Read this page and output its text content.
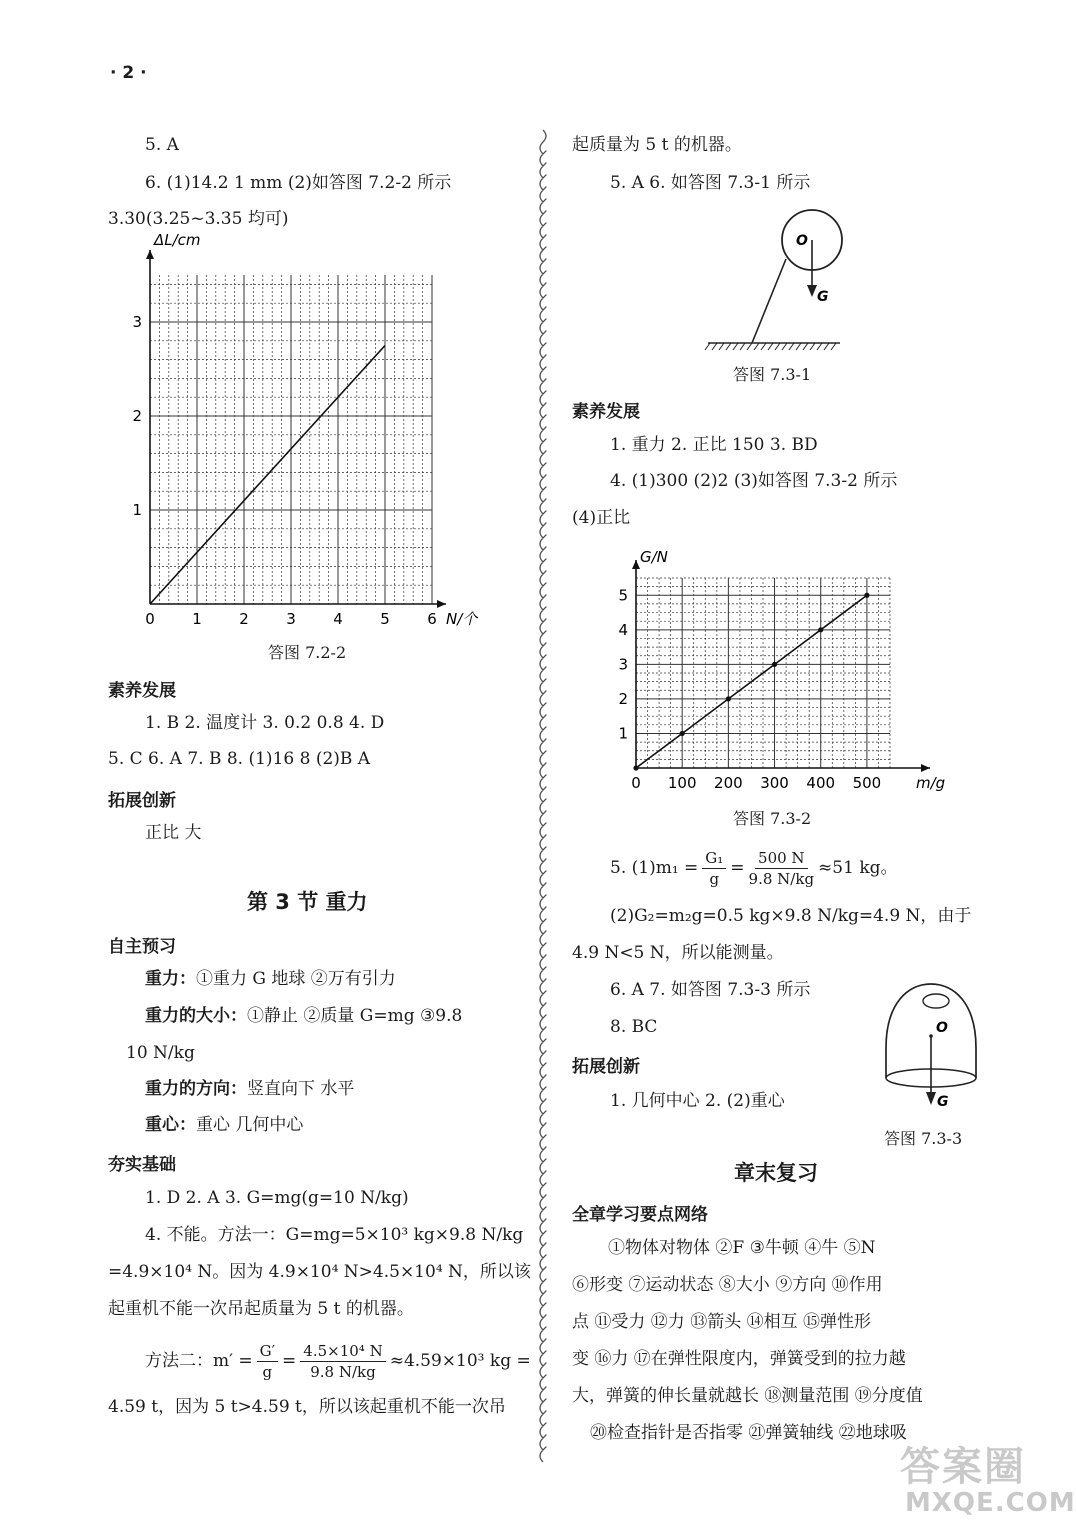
· 2 ·
5. A
6. (1)14.2 1 mm (2)如答图 7.2-2 所示
3.30(3.25~3.35 均可)
0 1 2 3 4 5 6
1
2
3
N/个
ΔL/cm
答图 7.2-2
素养发展
1. B 2. 温度计 3. 0.2 0.8 4. D
5. C 6. A 7. B 8. (1)16 8 (2)B A
拓展创新
正比 大
第 3 节 重力
自主预习
重力：①重力 G 地球 ②万有引力
重力的大小：①静止 ②质量 G=mg ③9.8
10 N/kg
重力的方向：竖直向下 水平
重心：重心 几何中心
夯实基础
1. D 2. A 3. G=mg(g=10 N/kg)
4. 不能。方法一：G=mg=5×10³ kg×9.8 N/kg
=4.9×10⁴ N。因为 4.9×10⁴ N>4.5×10⁴ N，所以该
起重机不能一次吊起质量为 5 t 的机器。
方法二：$m' = \frac{G'}{g} = \frac{\text{4.5×10⁴ N}}{9.8 N/kg} \approx 4.59\times 10^3$ kg =
4.59 t，因为 5 t>4.59 t，所以该起重机不能一次吊
起质量为 5 t 的机器。
5. A 6. 如答图 7.3-1 所示
O
G
答图 7.3-1
素养发展
1. 重力 2. 正比 150 3. BD
4. (1)300 (2)2 (3)如答图 7.3-2 所示
(4)正比
0 100 200 300 400 500
1
2
3
4
5
m/g
G/N
答图 7.3-2
5. $(1)m_1 = \frac{\text{G₁}}{g} = \frac{500 N}{9.8 N/kg} \approx 51$ kg。
(2)G₂=m₂g=0.5 kg×9.8 N/kg=4.9 N，由于
4.9 N<5 N，所以能测量。
6. A 7. 如答图 7.3-3 所示
8. BC
拓展创新
1. 几何中心 2. (2)重心
O
G
答图 7.3-3
章末复习
全章学习要点网络
①物体对物体 ②F ③牛顿 ④牛 ⑤N
⑥形变 ⑦运动状态 ⑧大小 ⑨方向 ⑩作用
点 ⑪受力 ⑫力 ⑬箭头 ⑭相互 ⑮弹性形
变 ⑯力 ⑰在弹性限度内，弹簧受到的拉力越
大，弹簧的伸长量就越长 ⑱测量范围 ⑲分度值
⑳检查指针是否指零 ㉑弹簧轴线 ㉒地球吸
答案圈
MXQE.COM
